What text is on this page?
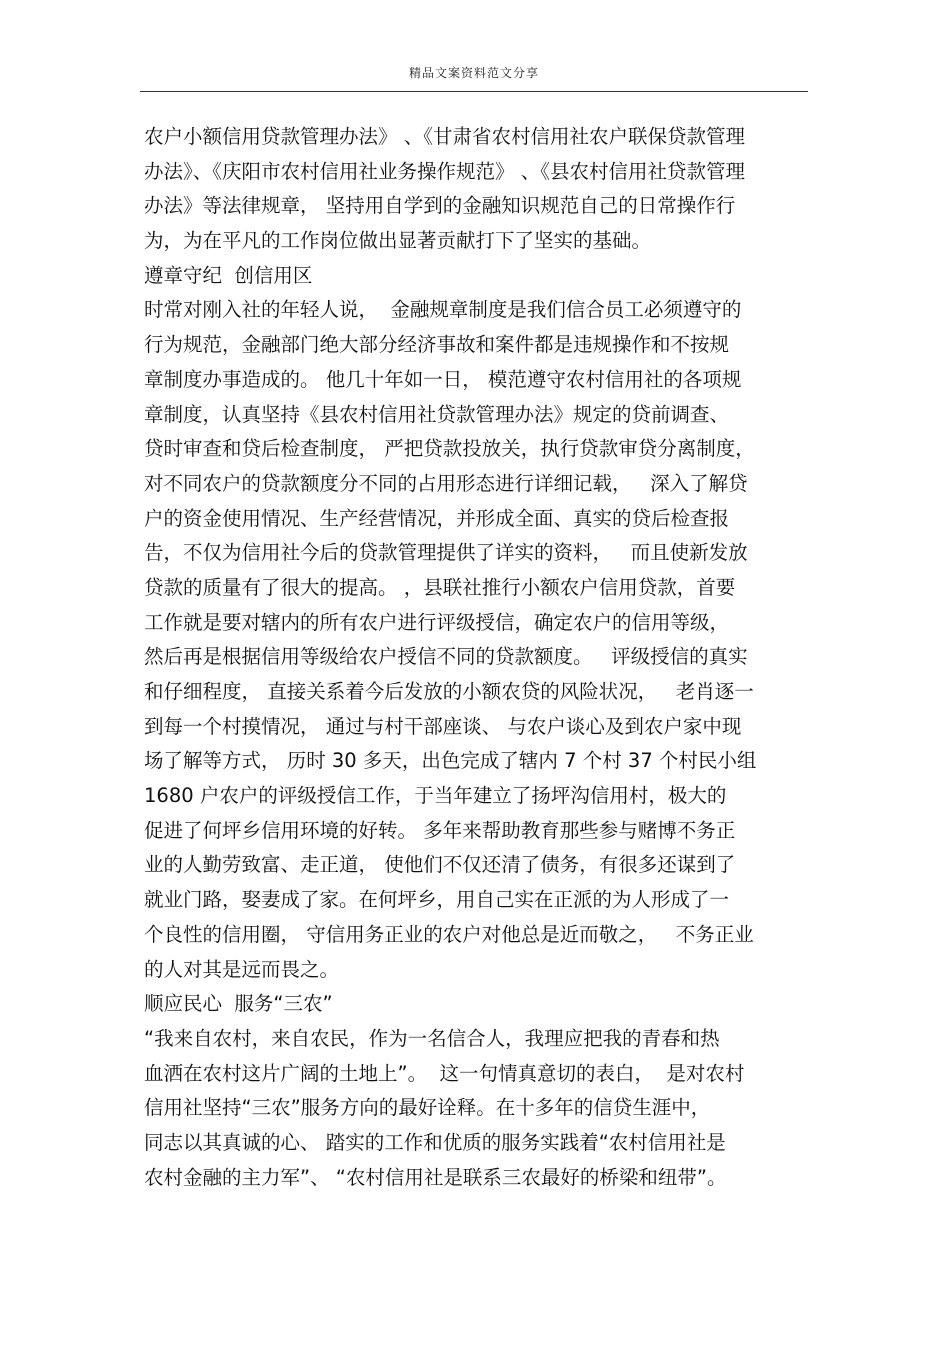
精品文案资料范文分享
农户小额信用贷款管理办法》 、《甘肃省农村信用社农户联保贷款管理
办法》、《庆阳市农村信用社业务操作规范》 、《县农村信用社贷款管理
办法》等法律规章， 坚持用自学到的金融知识规范自己的日常操作行
为，为在平凡的工作岗位做出显著贡献打下了坚实的基础。
遵章守纪  创信用区
时常对刚入社的年轻人说，  金融规章制度是我们信合员工必须遵守的
行为规范，金融部门绝大部分经济事故和案件都是违规操作和不按规
章制度办事造成的。 他几十年如一日， 模范遵守农村信用社的各项规
章制度，认真坚持《县农村信用社贷款管理办法》规定的贷前调查、
贷时审查和贷后检查制度， 严把贷款投放关，执行贷款审贷分离制度，
对不同农户的贷款额度分不同的占用形态进行详细记载，   深入了解贷
户的资金使用情况、生产经营情况，并形成全面、真实的贷后检查报
告，不仅为信用社今后的贷款管理提供了详实的资料，   而且使新发放
贷款的质量有了很大的提高。 ，县联社推行小额农户信用贷款，首要
工作就是要对辖内的所有农户进行评级授信，确定农户的信用等级，
然后再是根据信用等级给农户授信不同的贷款额度。   评级授信的真实
和仔细程度， 直接关系着今后发放的小额农贷的风险状况，   老肖逐一
到每一个村摸情况， 通过与村干部座谈、 与农户谈心及到农户家中现
场了解等方式， 历时 30 多天，出色完成了辖内 7 个村 37 个村民小组
1680 户农户的评级授信工作，于当年建立了扬坪沟信用村，极大的
促进了何坪乡信用环境的好转。 多年来帮助教育那些参与赌博不务正
业的人勤劳致富、走正道， 使他们不仅还清了债务，有很多还谋到了
就业门路，娶妻成了家。在何坪乡，用自己实在正派的为人形成了一
个良性的信用圈， 守信用务正业的农户对他总是近而敬之，   不务正业
的人对其是远而畏之。
顺应民心  服务“三农”
“我来自农村，来自农民，作为一名信合人，我理应把我的青春和热
血洒在农村这片广阔的土地上”。  这一句情真意切的表白，  是对农村
信用社坚持“三农”服务方向的最好诠释。在十多年的信贷生涯中，
同志以其真诚的心、 踏实的工作和优质的服务实践着“农村信用社是
农村金融的主力军”、 “农村信用社是联系三农最好的桥梁和纽带”。
